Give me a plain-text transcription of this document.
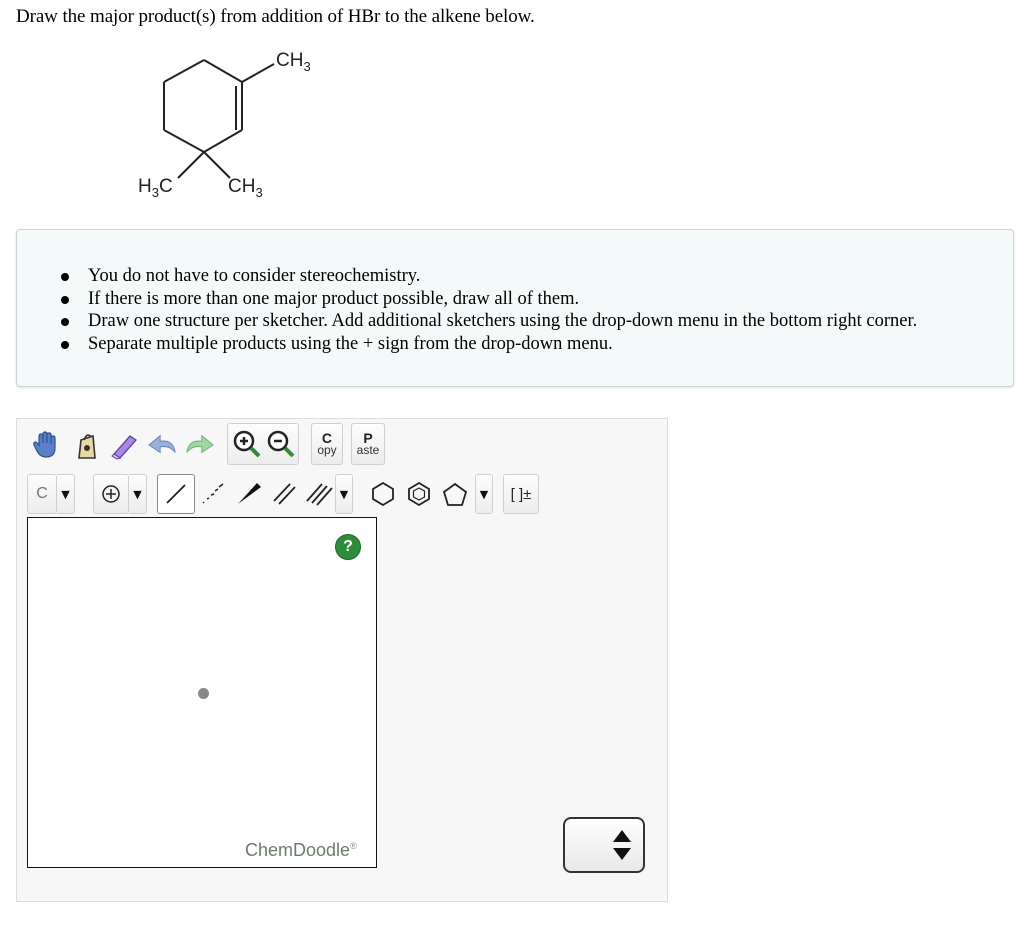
Draw the major product(s) from addition of HBr to the alkene below.
$CH_3$
$H_3C$	$CH_3$
You do not have to consider stereochemistry.
If there is more than one major product possible, draw all of them.
Draw one structure per sketcher. Add additional sketchers using the drop-down menu in the bottom right corner.
Separate multiple products using the + sign from the drop-down menu.
C
opy
P
aste
C ▼	▼	▼	▼ [ ]±
?
ChemDoodle®
